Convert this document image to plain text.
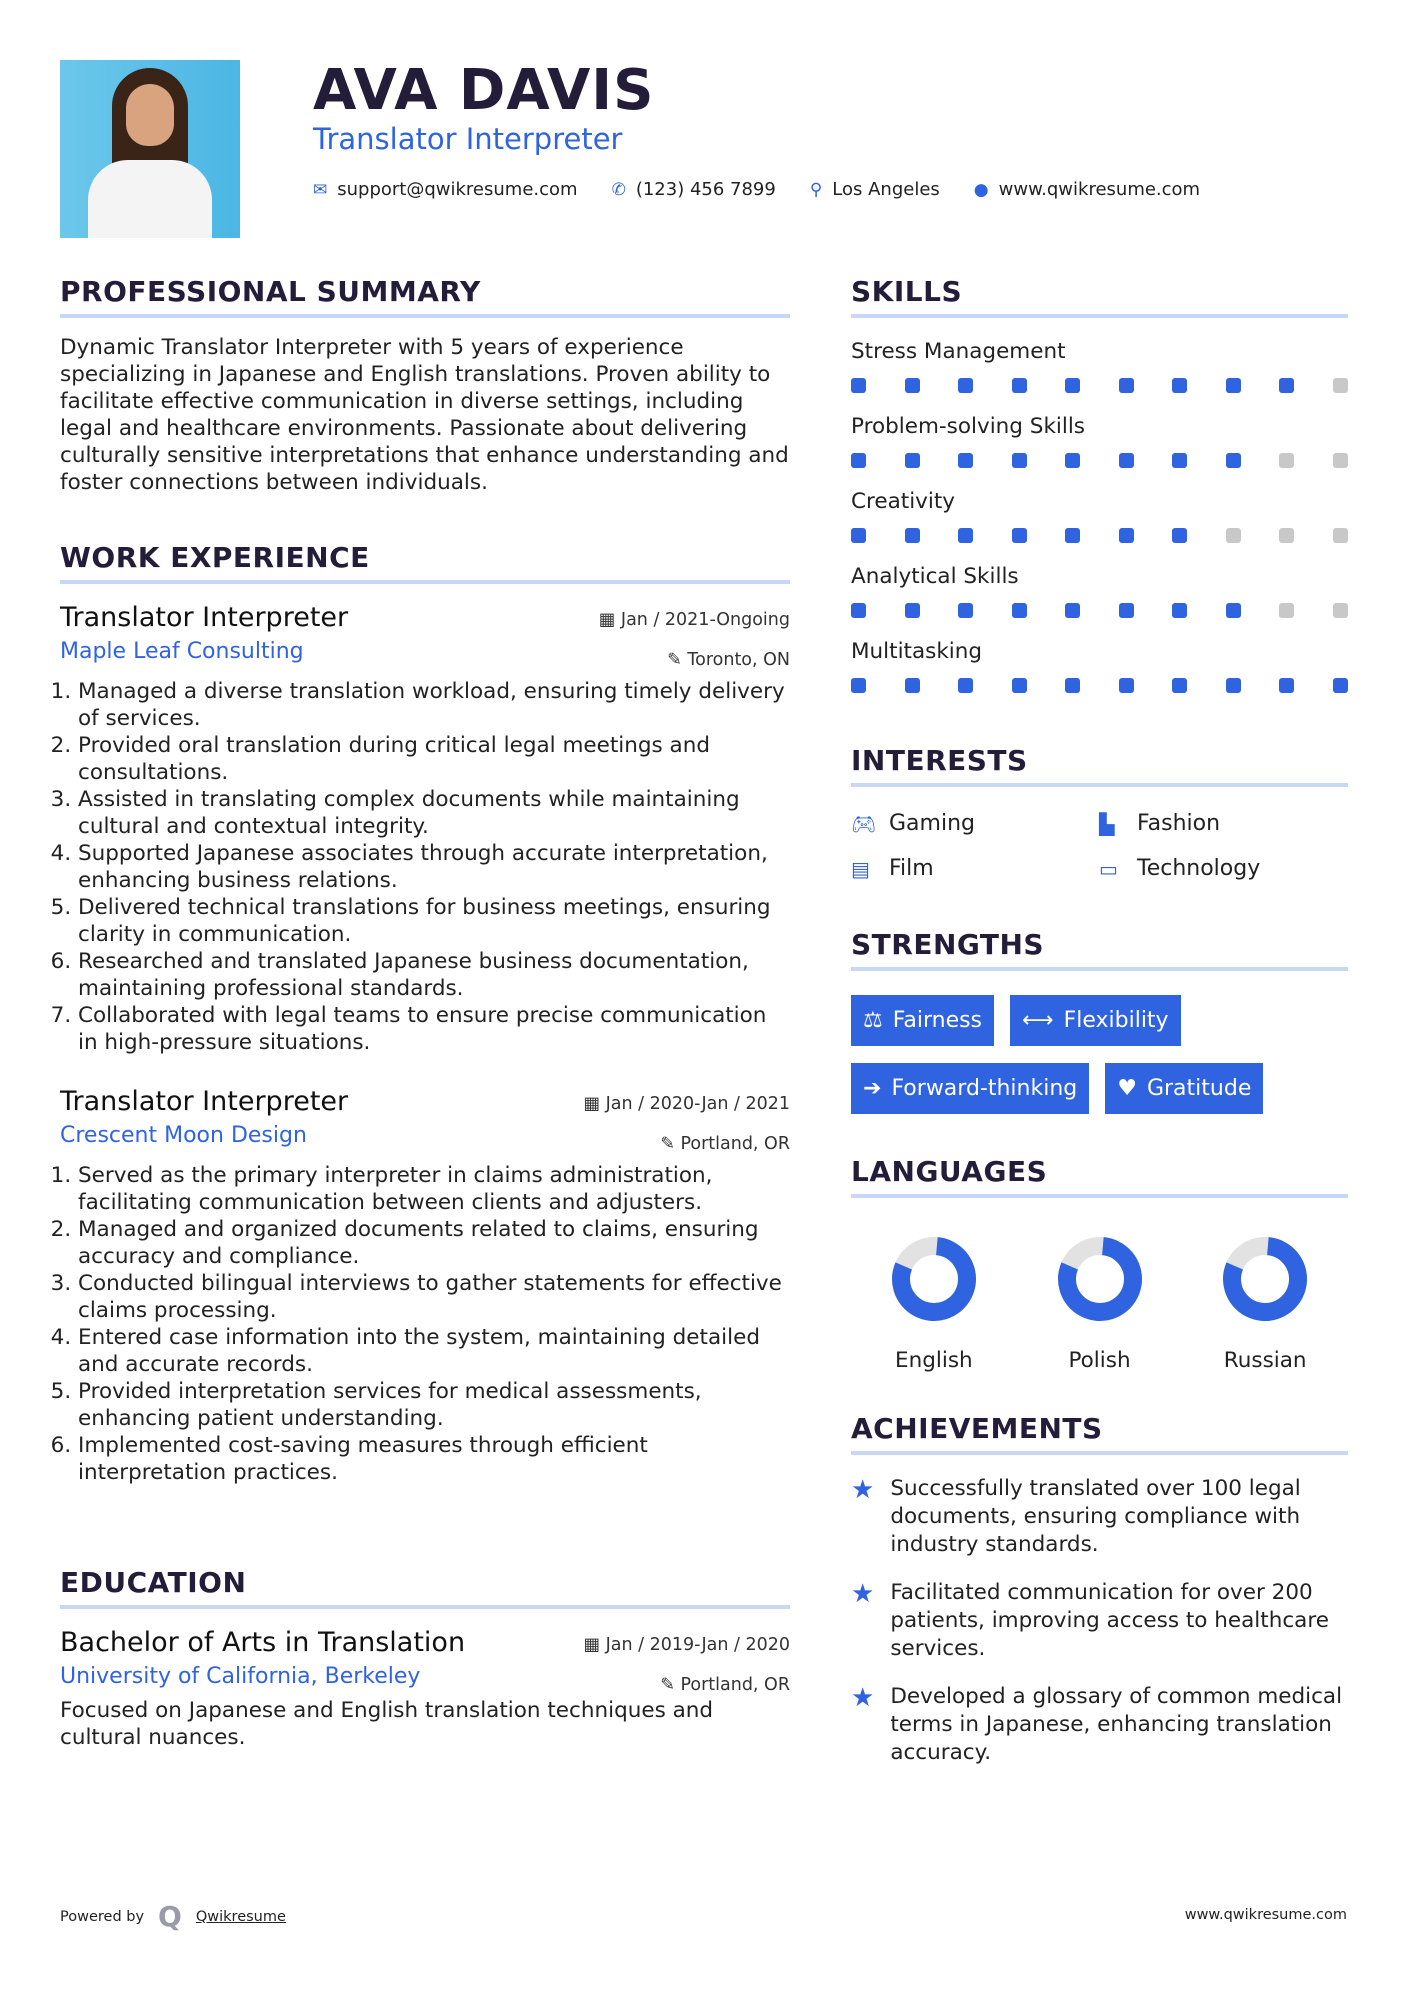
AVA DAVIS
Translator Interpreter
✉ support@qwikresume.com ✆ (123) 456 7899 ⚲ Los Angeles ● www.qwikresume.com
PROFESSIONAL SUMMARY

Dynamic Translator Interpreter with 5 years of experience specializing in Japanese and English translations. Proven ability to facilitate effective communication in diverse settings, including legal and healthcare environments. Passionate about delivering culturally sensitive interpretations that enhance understanding and foster connections between individuals.

WORK EXPERIENCE
▦ Jan / 2021-Ongoing
✎ Toronto, ON
Translator Interpreter
Maple Leaf Consulting
1. Managed a diverse translation workload, ensuring timely delivery of services.
2. Provided oral translation during critical legal meetings and consultations.
3. Assisted in translating complex documents while maintaining cultural and contextual integrity.
4. Supported Japanese associates through accurate interpretation, enhancing business relations.
5. Delivered technical translations for business meetings, ensuring clarity in communication.
6. Researched and translated Japanese business documentation, maintaining professional standards.
7. Collaborated with legal teams to ensure precise communication in high-pressure situations.
▦ Jan / 2020-Jan / 2021
✎ Portland, OR
Translator Interpreter
Crescent Moon Design
1. Served as the primary interpreter in claims administration, facilitating communication between clients and adjusters.
2. Managed and organized documents related to claims, ensuring accuracy and compliance.
3. Conducted bilingual interviews to gather statements for effective claims processing.
4. Entered case information into the system, maintaining detailed and accurate records.
5. Provided interpretation services for medical assessments, enhancing patient understanding.
6. Implemented cost-saving measures through efficient interpretation practices.
EDUCATION
▦ Jan / 2019-Jan / 2020
✎ Portland, OR
Bachelor of Arts in Translation
University of California, Berkeley

Focused on Japanese and English translation techniques and cultural nuances.

SKILLS
Stress Management
Problem-solving Skills
Creativity
Analytical Skills
Multitasking
INTERESTS
🎮︎ Gaming	▙	Fashion
▤ Film	▭ Technology
STRENGTHS
⚖ Fairness ⟷ Flexibility
➔ Forward-thinking ♥ Gratitude
LANGUAGES
English	Polish	Russian
ACHIEVEMENTS
★ Successfully translated over 100 legal documents, ensuring compliance with industry standards.
★ Facilitated communication for over 200 patients, improving access to healthcare services.
★ Developed a glossary of common medical terms in Japanese, enhancing translation accuracy.
Powered by Q Qwikresume	www.qwikresume.com
